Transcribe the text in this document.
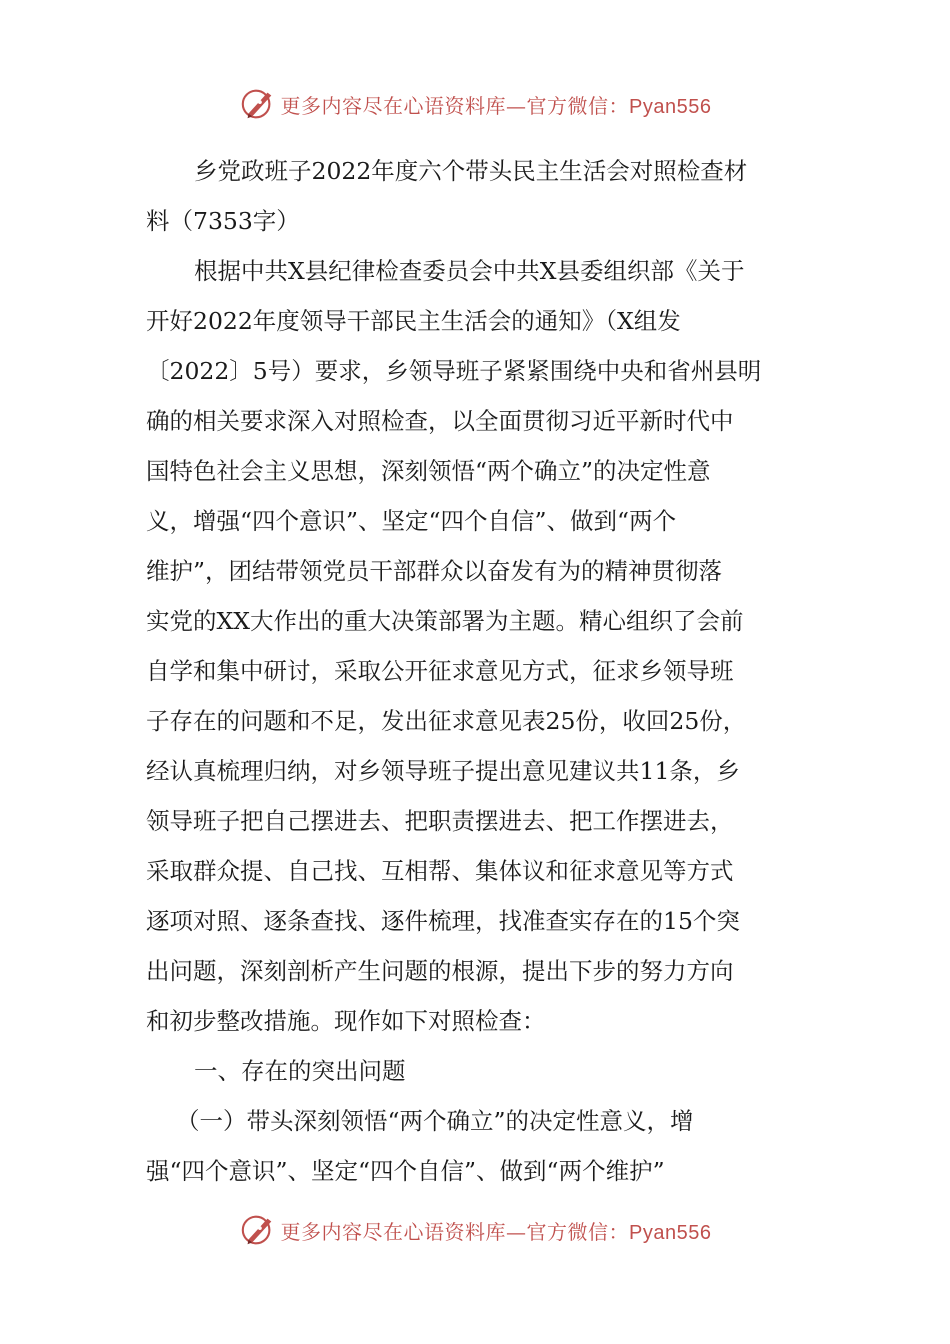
更多内容尽在心语资料库—官方微信：Pyan556
乡党政班子2022年度六个带头民主生活会对照检查材
料（7353字）
根据中共X县纪律检查委员会中共X县委组织部《关于
开好2022年度领导干部民主生活会的通知》（X组发
〔2022〕5号）要求，乡领导班子紧紧围绕中央和省州县明
确的相关要求深入对照检查，以全面贯彻习近平新时代中
国特色社会主义思想，深刻领悟“两个确立”的决定性意
义，增强“四个意识”、坚定“四个自信”、做到“两个
维护”，团结带领党员干部群众以奋发有为的精神贯彻落
实党的XX大作出的重大决策部署为主题。精心组织了会前
自学和集中研讨，采取公开征求意见方式，征求乡领导班
子存在的问题和不足，发出征求意见表25份，收回25份，
经认真梳理归纳，对乡领导班子提出意见建议共11条，乡
领导班子把自己摆进去、把职责摆进去、把工作摆进去，
采取群众提、自己找、互相帮、集体议和征求意见等方式
逐项对照、逐条查找、逐件梳理，找准查实存在的15个突
出问题，深刻剖析产生问题的根源，提出下步的努力方向
和初步整改措施。现作如下对照检查：
一、存在的突出问题
（一）带头深刻领悟“两个确立”的决定性意义，增
强“四个意识”、坚定“四个自信”、做到“两个维护”
更多内容尽在心语资料库—官方微信：Pyan556
